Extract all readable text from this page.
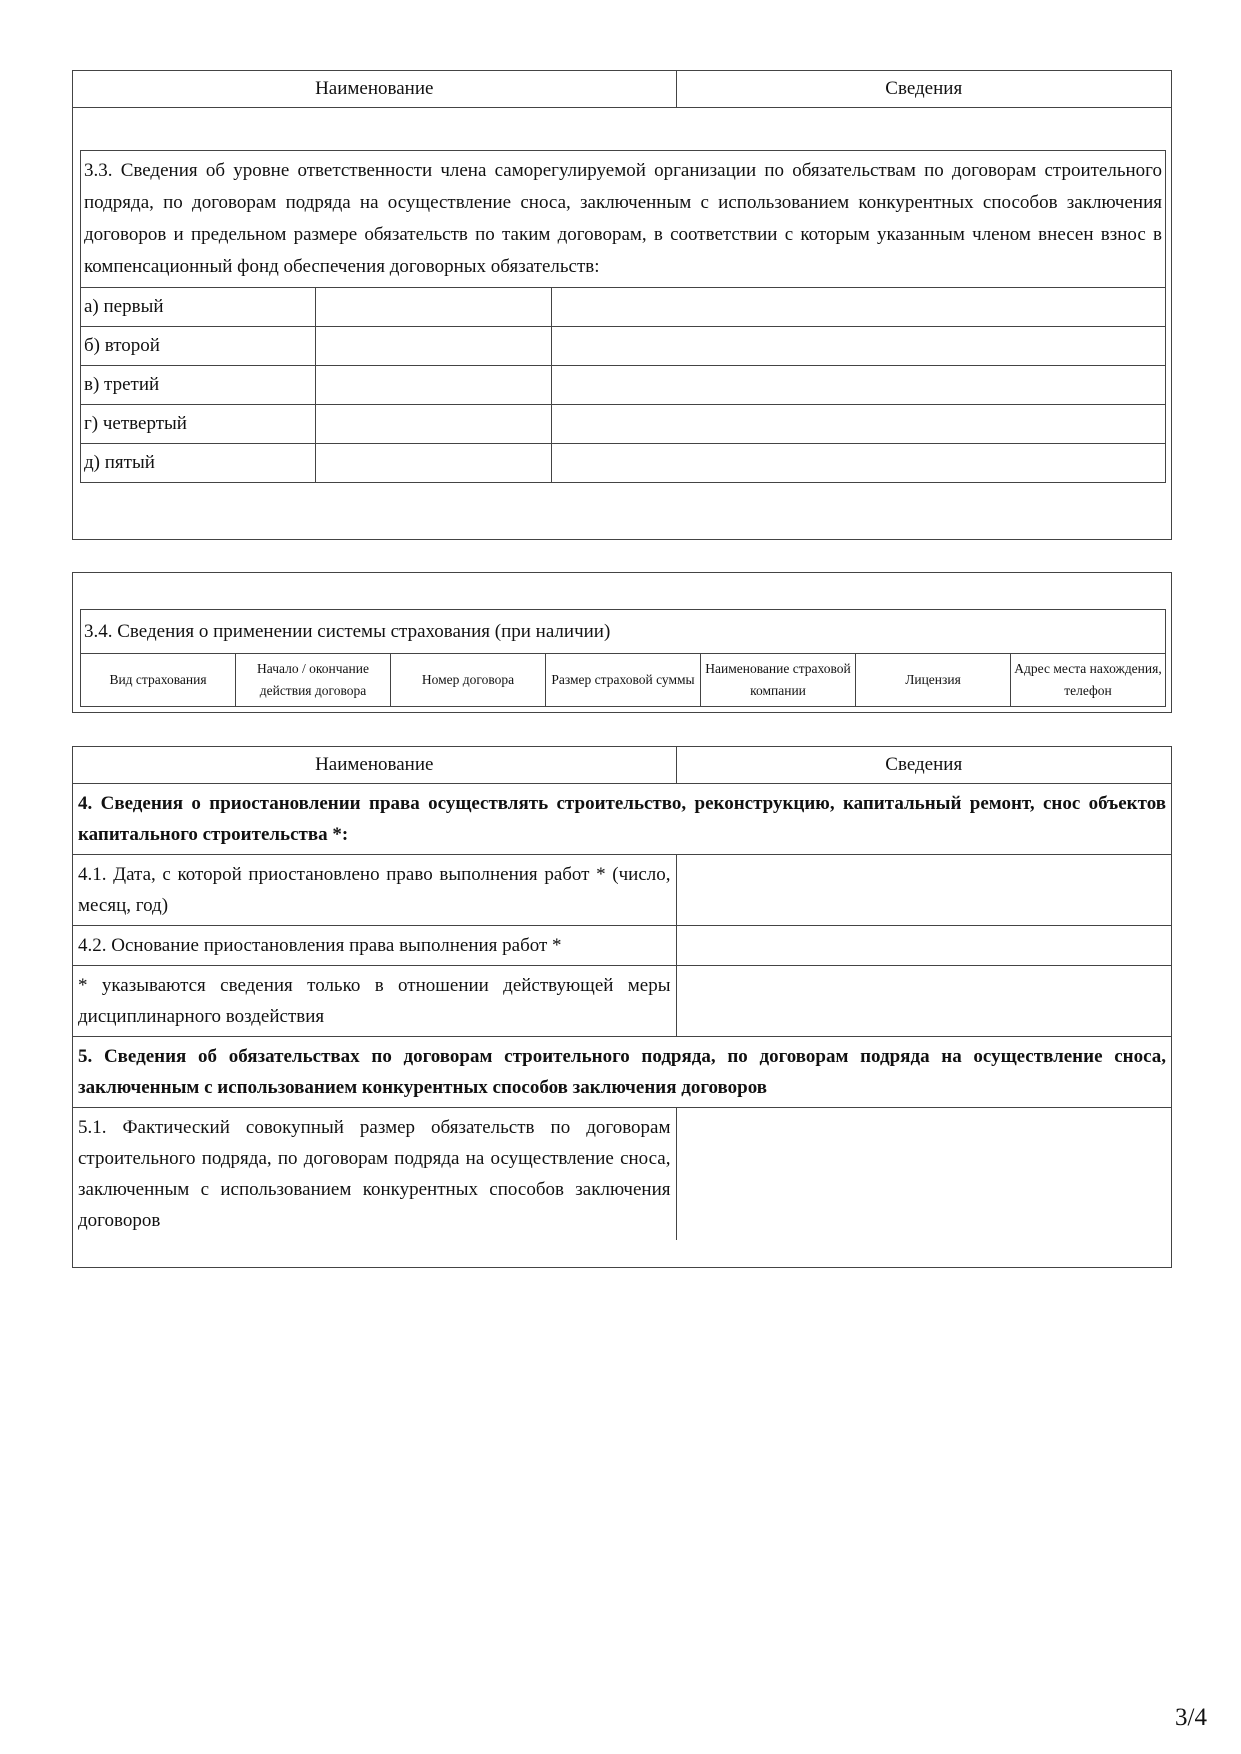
Наименование	Сведения
3.3. Сведения об уровне ответственности члена саморегулируемой организации по обязательствам по договорам строительного подряда, по договорам подряда на осуществление сноса, заключенным с использованием конкурентных способов заключения договоров и предельном размере обязательств по таким договорам, в соответствии с которым указанным членом внесен взнос в компенсационный фонд обеспечения договорных обязательств:		
а) первый		
б) второй		
в) третий		
г) четвертый		
д) пятый		
3.4. Сведения о применении системы страхования (при наличии)
Вид страхования	Начало / окончание действия договора	Номер договора	Размер страховой суммы	Наименование страховой компании	Лицензия	Адрес места нахождения, телефон
Наименование	Сведения
4. Сведения о приостановлении права осуществлять строительство, реконструкцию, капитальный ремонт, снос объектов капитального строительства *:	
4.1. Дата, с которой приостановлено право выполнения работ * (число, месяц, год)	
4.2. Основание приостановления права выполнения работ *	
* указываются сведения только в отношении действующей меры дисциплинарного воздействия	
5. Сведения об обязательствах по договорам строительного подряда, по договорам подряда на осуществление сноса, заключенным с использованием конкурентных способов заключения договоров	
5.1. Фактический совокупный размер обязательств по договорам строительного подряда, по договорам подряда на осуществление сноса, заключенным с использованием конкурентных способов заключения договоров	
3/4
